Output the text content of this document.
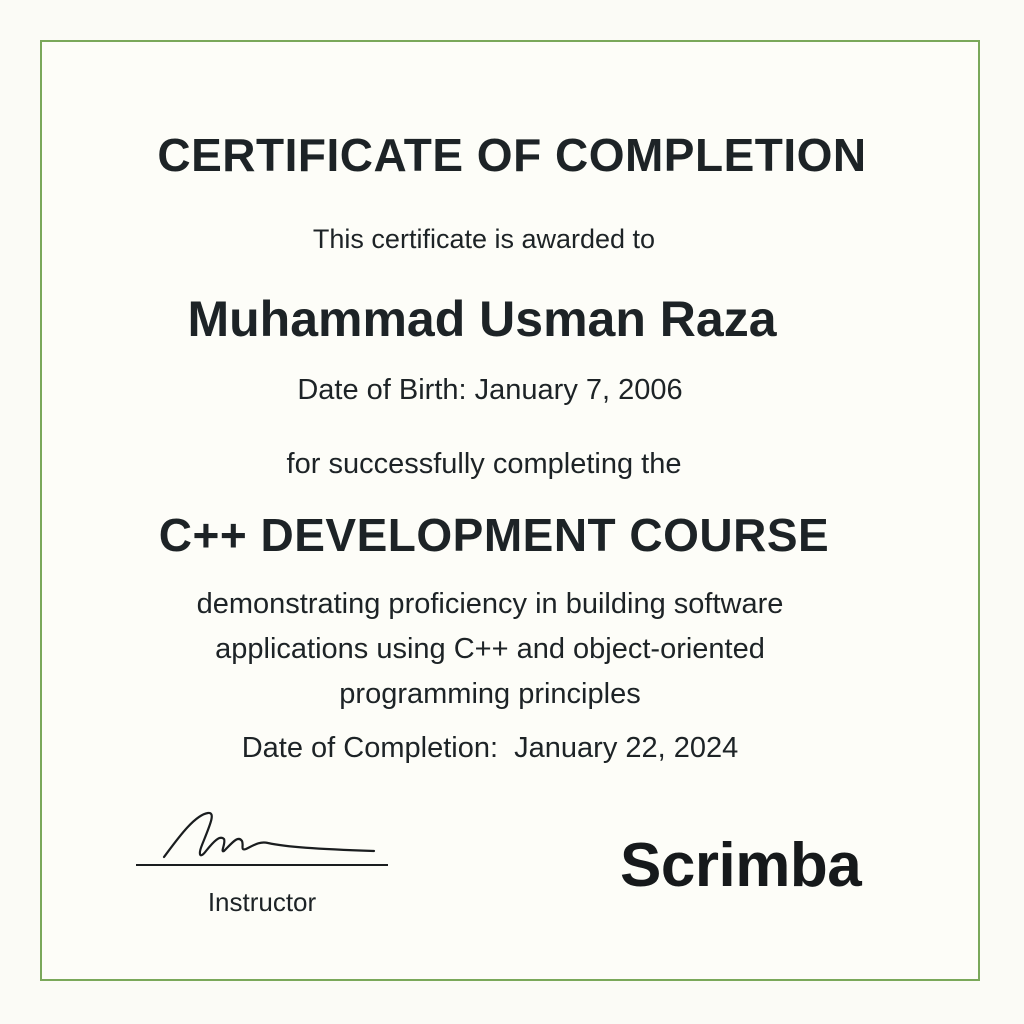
CERTIFICATE OF COMPLETION

This certificate is awarded to

Muhammad Usman Raza

Date of Birth: January 7, 2006

for successfully completing the

C++ DEVELOPMENT COURSE

demonstrating proficiency in building software
applications using C++ and object-oriented
programming principles

Date of Completion:  January 22, 2024

Instructor
Scrimba
